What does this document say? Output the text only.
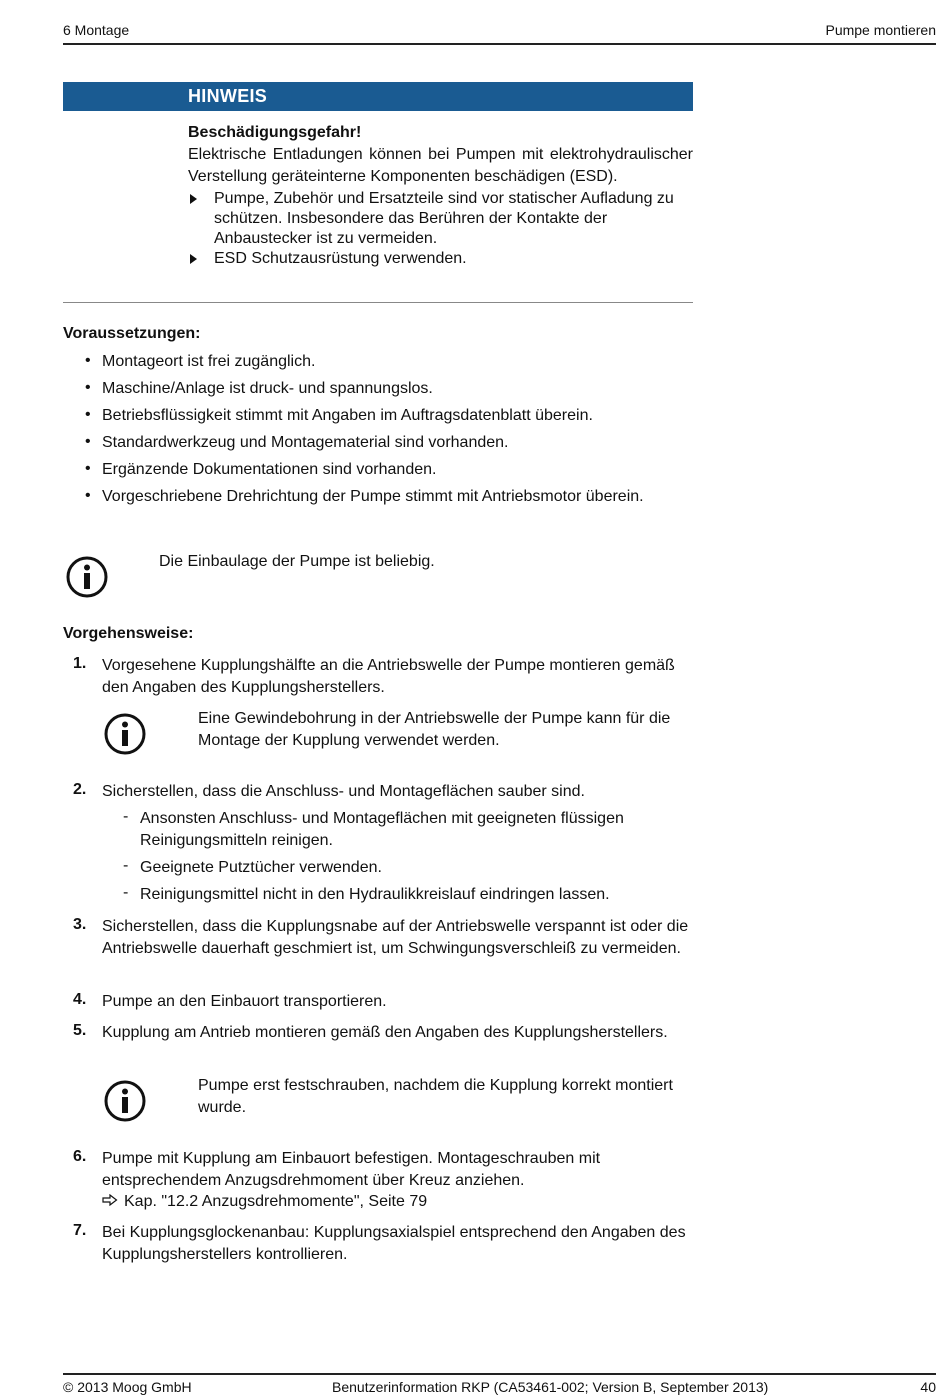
6 Montage	Pumpe montieren
HINWEIS
Beschädigungsgefahr!
Elektrische Entladungen können bei Pumpen mit elektrohydraulischer Verstellung geräteinterne Komponenten beschädigen (ESD).
Pumpe, Zubehör und Ersatzteile sind vor statischer Aufladung zu schützen. Insbesondere das Berühren der Kontakte der Anbaustecker ist zu vermeiden.
ESD Schutzausrüstung verwenden.
Voraussetzungen:
• Montageort ist frei zugänglich.
• Maschine/Anlage ist druck- und spannungslos.
• Betriebsflüssigkeit stimmt mit Angaben im Auftragsdatenblatt überein.
• Standardwerkzeug und Montagematerial sind vorhanden.
• Ergänzende Dokumentationen sind vorhanden.
• Vorgeschriebene Drehrichtung der Pumpe stimmt mit Antriebsmotor überein.
Die Einbaulage der Pumpe ist beliebig.
Vorgehensweise:
1. Vorgesehene Kupplungshälfte an die Antriebswelle der Pumpe montieren gemäß den Angaben des Kupplungsherstellers.
Eine Gewindebohrung in der Antriebswelle der Pumpe kann für die Montage der Kupplung verwendet werden.
2. Sicherstellen, dass die Anschluss- und Montageflächen sauber sind.
- Ansonsten Anschluss- und Montageflächen mit geeigneten flüssigen Reinigungsmitteln reinigen.
- Geeignete Putztücher verwenden.
- Reinigungsmittel nicht in den Hydraulikkreislauf eindringen lassen.
3. Sicherstellen, dass die Kupplungsnabe auf der Antriebswelle verspannt ist oder die Antriebswelle dauerhaft geschmiert ist, um Schwingungsverschleiß zu vermeiden.
4. Pumpe an den Einbauort transportieren.
5. Kupplung am Antrieb montieren gemäß den Angaben des Kupplungsherstellers.
Pumpe erst festschrauben, nachdem die Kupplung korrekt montiert wurde.
6. Pumpe mit Kupplung am Einbauort befestigen. Montageschrauben mit entsprechendem Anzugsdrehmoment über Kreuz anziehen.
Kap. "12.2 Anzugsdrehmomente", Seite 79
7. Bei Kupplungsglockenanbau: Kupplungsaxialspiel entsprechend den Angaben des Kupplungsherstellers kontrollieren.
© 2013 Moog GmbH	Benutzerinformation RKP (CA53461-002; Version B, September 2013)	40
